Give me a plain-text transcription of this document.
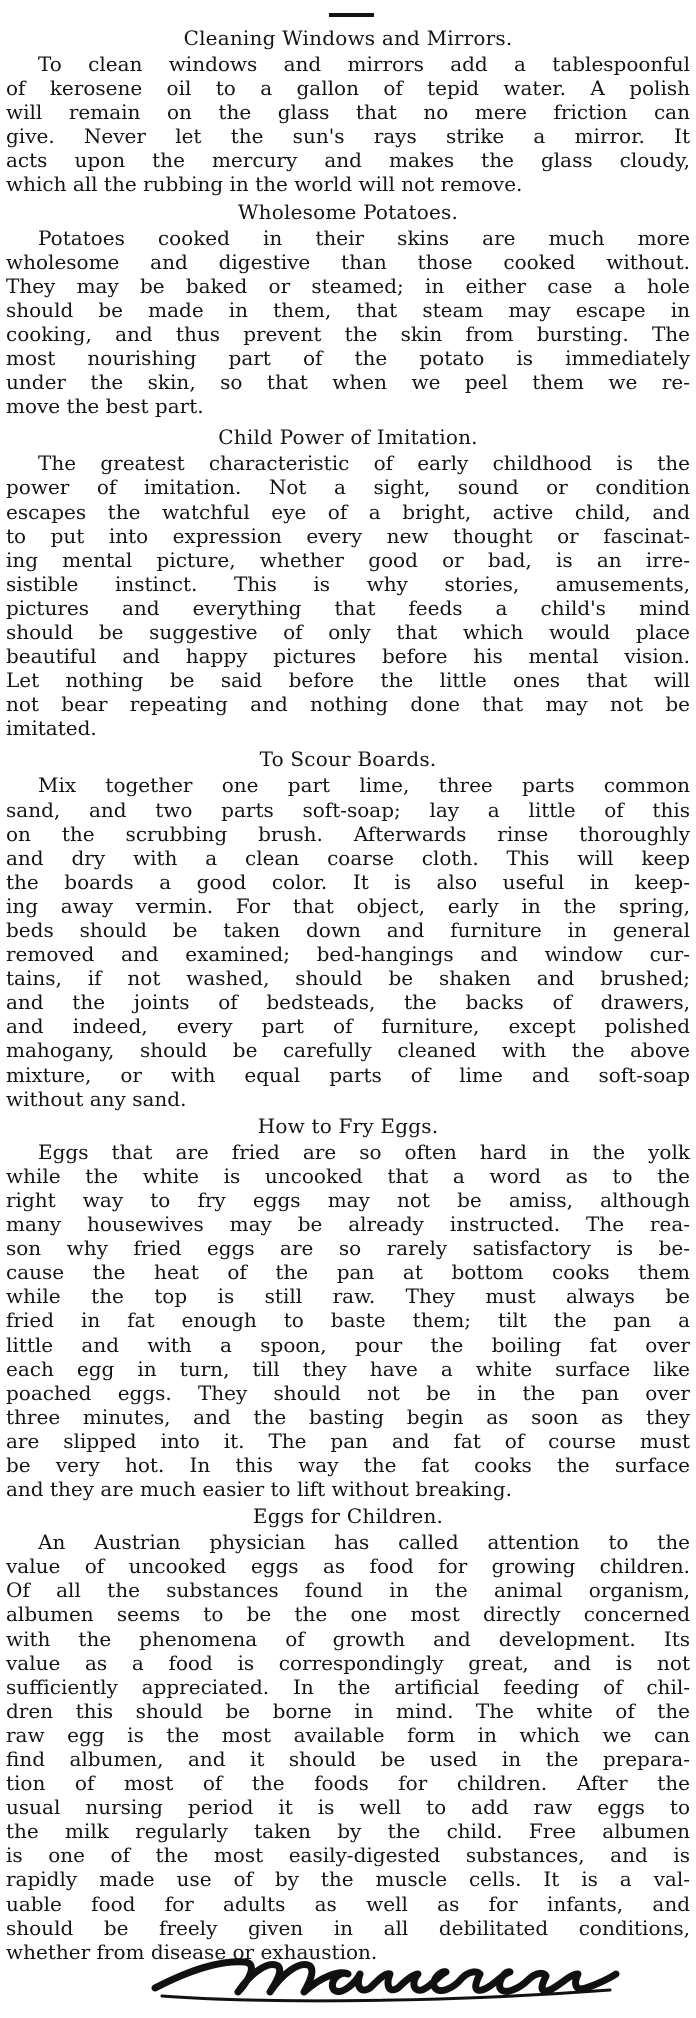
Cleaning Windows and Mirrors.
To clean windows and mirrors add a tablespoonful
of kerosene oil to a gallon of tepid water. A polish
will remain on the glass that no mere friction can
give. Never let the sun's rays strike a mirror. It
acts upon the mercury and makes the glass cloudy,
which all the rubbing in the world will not remove.
Wholesome Potatoes.
Potatoes cooked in their skins are much more
wholesome and digestive than those cooked without.
They may be baked or steamed; in either case a hole
should be made in them, that steam may escape in
cooking, and thus prevent the skin from bursting. The
most nourishing part of the potato is immediately
under the skin, so that when we peel them we re-
move the best part.
Child Power of Imitation.
The greatest characteristic of early childhood is the
power of imitation. Not a sight, sound or condition
escapes the watchful eye of a bright, active child, and
to put into expression every new thought or fascinat-
ing mental picture, whether good or bad, is an irre-
sistible instinct. This is why stories, amusements,
pictures and everything that feeds a child's mind
should be suggestive of only that which would place
beautiful and happy pictures before his mental vision.
Let nothing be said before the little ones that will
not bear repeating and nothing done that may not be
imitated.
To Scour Boards.
Mix together one part lime, three parts common
sand, and two parts soft-soap; lay a little of this
on the scrubbing brush. Afterwards rinse thoroughly
and dry with a clean coarse cloth. This will keep
the boards a good color. It is also useful in keep-
ing away vermin. For that object, early in the spring,
beds should be taken down and furniture in general
removed and examined; bed-hangings and window cur-
tains, if not washed, should be shaken and brushed;
and the joints of bedsteads, the backs of drawers,
and indeed, every part of furniture, except polished
mahogany, should be carefully cleaned with the above
mixture, or with equal parts of lime and soft-soap
without any sand.
How to Fry Eggs.
Eggs that are fried are so often hard in the yolk
while the white is uncooked that a word as to the
right way to fry eggs may not be amiss, although
many housewives may be already instructed. The rea-
son why fried eggs are so rarely satisfactory is be-
cause the heat of the pan at bottom cooks them
while the top is still raw. They must always be
fried in fat enough to baste them; tilt the pan a
little and with a spoon, pour the boiling fat over
each egg in turn, till they have a white surface like
poached eggs. They should not be in the pan over
three minutes, and the basting begin as soon as they
are slipped into it. The pan and fat of course must
be very hot. In this way the fat cooks the surface
and they are much easier to lift without breaking.
Eggs for Children.
An Austrian physician has called attention to the
value of uncooked eggs as food for growing children.
Of all the substances found in the animal organism,
albumen seems to be the one most directly concerned
with the phenomena of growth and development. Its
value as a food is correspondingly great, and is not
sufficiently appreciated. In the artificial feeding of chil-
dren this should be borne in mind. The white of the
raw egg is the most available form in which we can
find albumen, and it should be used in the prepara-
tion of most of the foods for children. After the
usual nursing period it is well to add raw eggs to
the milk regularly taken by the child. Free albumen
is one of the most easily-digested substances, and is
rapidly made use of by the muscle cells. It is a val-
uable food for adults as well as for infants, and
should be freely given in all debilitated conditions,
whether from disease or exhaustion.
